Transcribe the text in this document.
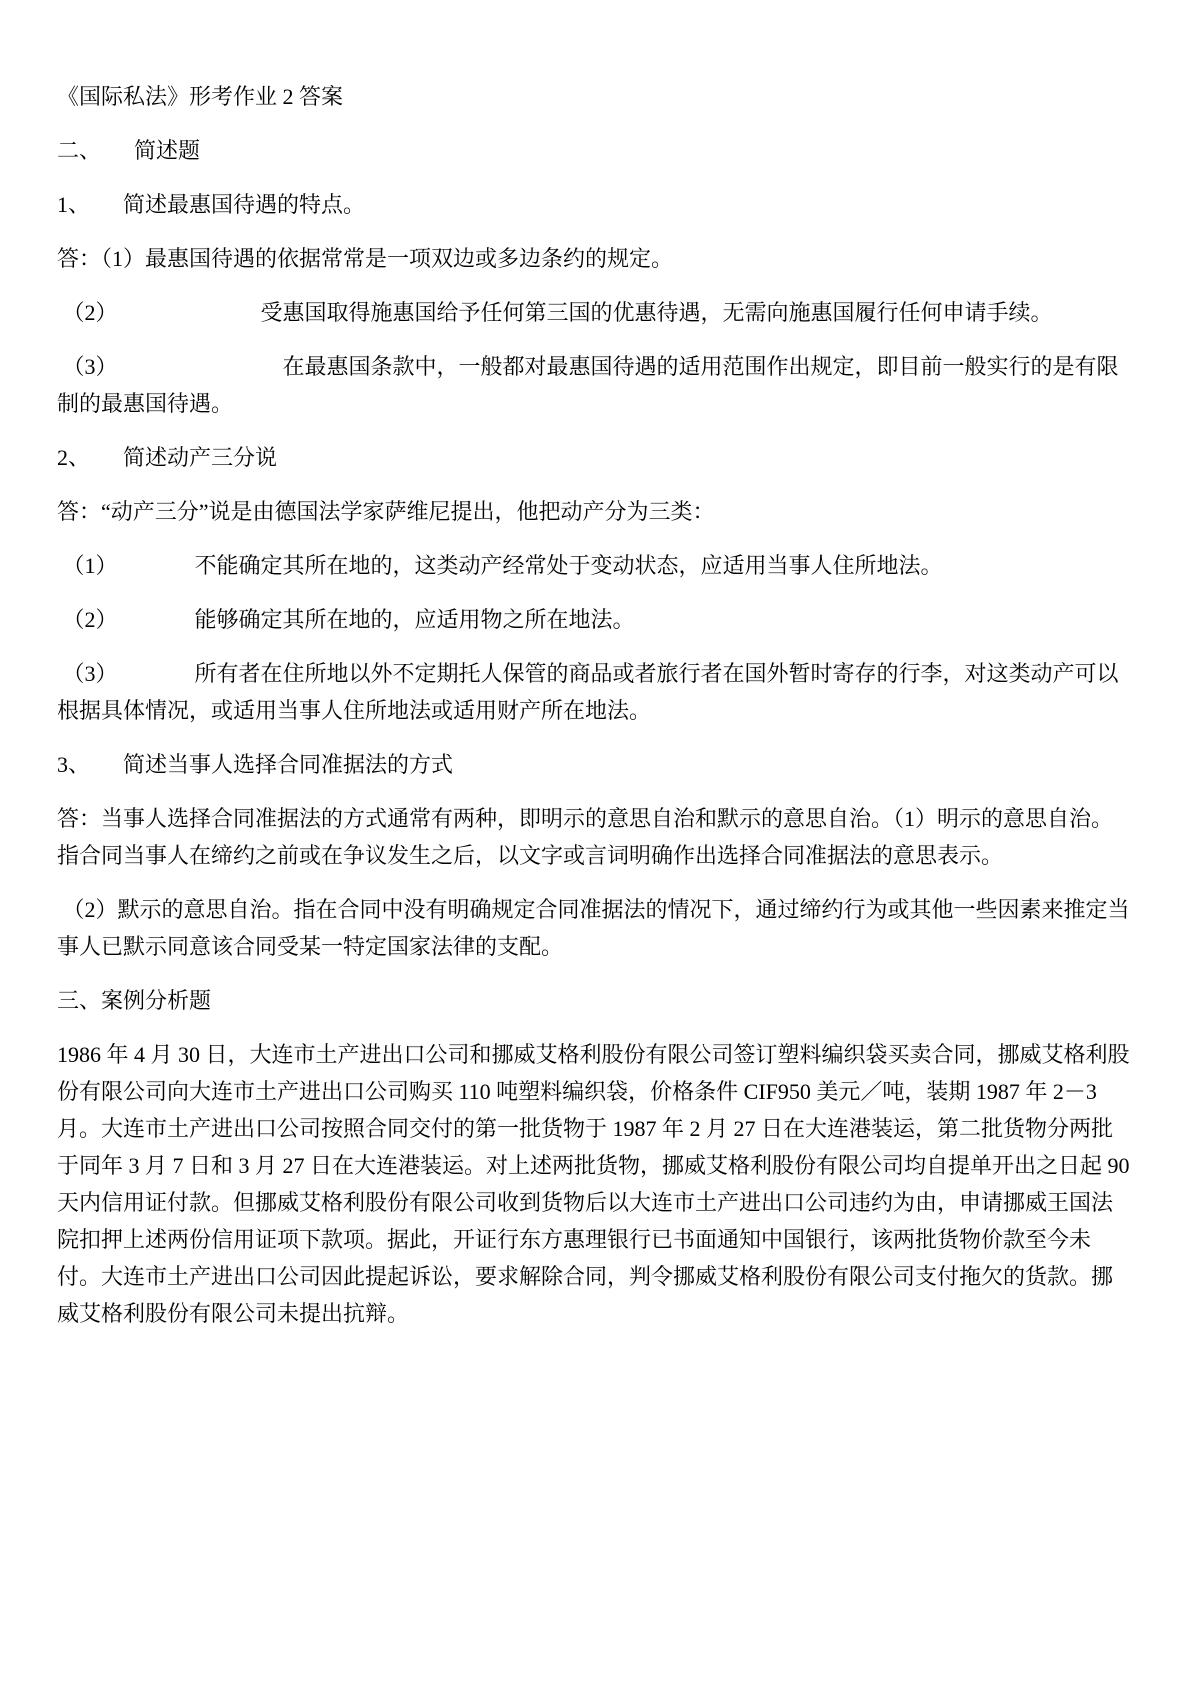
《国际私法》形考作业 2 答案

二、　　简述题

1、　　简述最惠国待遇的特点。

答：（1）最惠国待遇的依据常常是一项双边或多边条约的规定。

（2）　　　　　　　受惠国取得施惠国给予任何第三国的优惠待遇，无需向施惠国履行任何申请手续。

（3）　　　　　　　　在最惠国条款中，一般都对最惠国待遇的适用范围作出规定，即目前一般实行的是有限制的最惠国待遇。

2、　　简述动产三分说

答：“动产三分”说是由德国法学家萨维尼提出，他把动产分为三类：

（1）　　　　不能确定其所在地的，这类动产经常处于变动状态，应适用当事人住所地法。

（2）　　　　能够确定其所在地的，应适用物之所在地法。

（3）　　　　所有者在住所地以外不定期托人保管的商品或者旅行者在国外暂时寄存的行李，对这类动产可以根据具体情况，或适用当事人住所地法或适用财产所在地法。

3、　　简述当事人选择合同准据法的方式

答：当事人选择合同准据法的方式通常有两种，即明示的意思自治和默示的意思自治。（1）明示的意思自治。指合同当事人在缔约之前或在争议发生之后，以文字或言词明确作出选择合同准据法的意思表示。

（2）默示的意思自治。指在合同中没有明确规定合同准据法的情况下，通过缔约行为或其他一些因素来推定当事人已默示同意该合同受某一特定国家法律的支配。

三、案例分析题

1986 年 4 月 30 日，大连市土产进出口公司和挪威艾格利股份有限公司签订塑料编织袋买卖合同，挪威艾格利股份有限公司向大连市土产进出口公司购买 110 吨塑料编织袋，价格条件 CIF950 美元／吨，装期 1987 年 2－3 月。大连市土产进出口公司按照合同交付的第一批货物于 1987 年 2 月 27 日在大连港装运，第二批货物分两批于同年 3 月 7 日和 3 月 27 日在大连港装运。对上述两批货物，挪威艾格利股份有限公司均自提单开出之日起 90 天内信用证付款。但挪威艾格利股份有限公司收到货物后以大连市土产进出口公司违约为由，申请挪威王国法院扣押上述两份信用证项下款项。据此，开证行东方惠理银行已书面通知中国银行，该两批货物价款至今未付。大连市土产进出口公司因此提起诉讼，要求解除合同，判令挪威艾格利股份有限公司支付拖欠的货款。挪威艾格利股份有限公司未提出抗辩。
